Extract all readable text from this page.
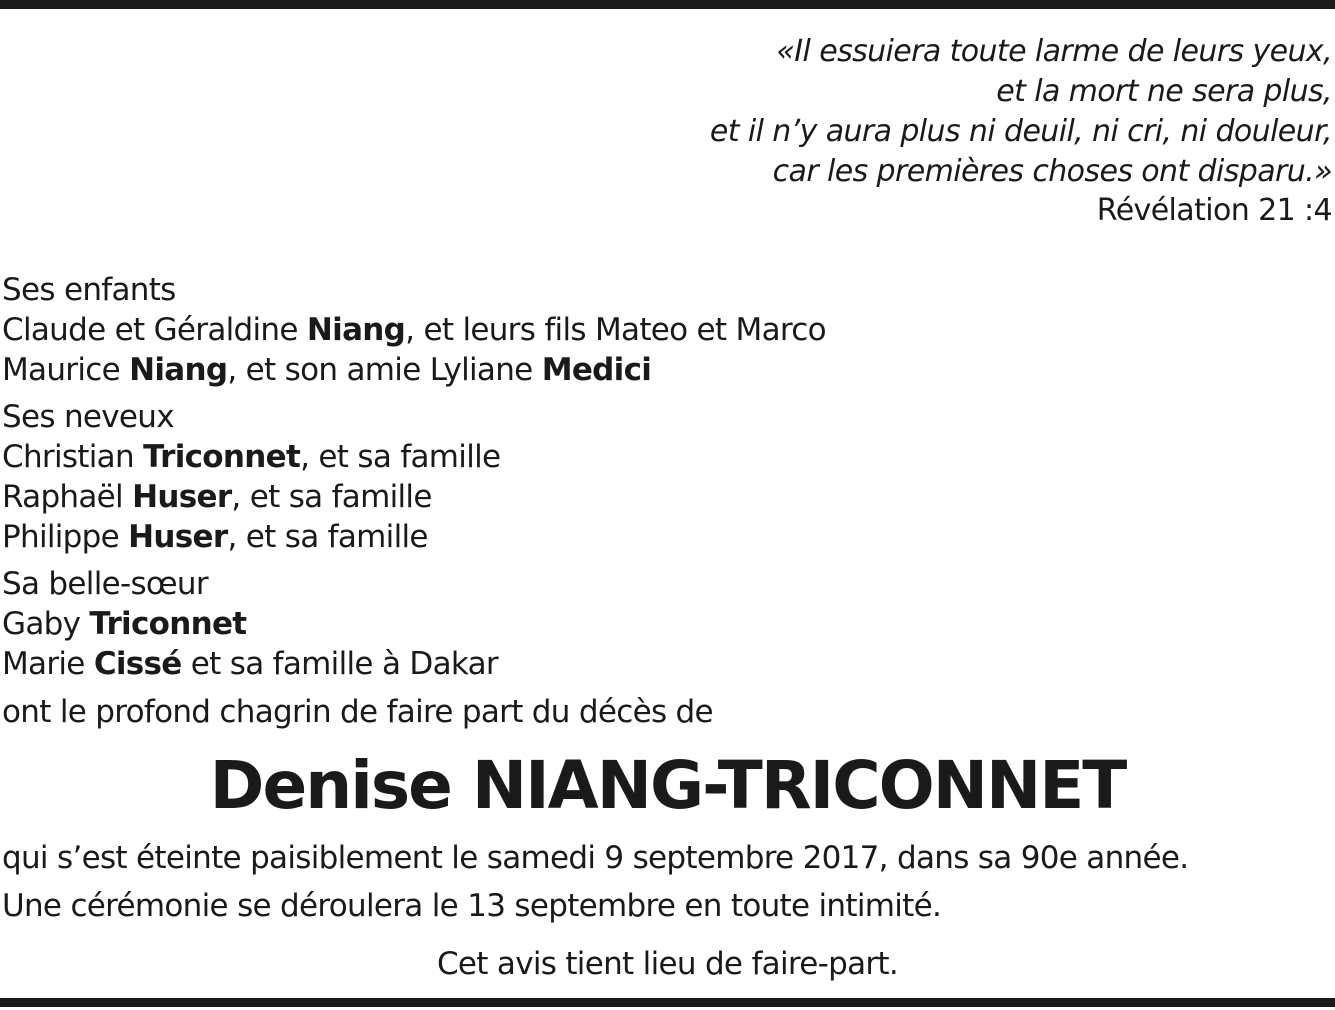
«Il essuiera toute larme de leurs yeux,
et la mort ne sera plus,
et il n’y aura plus ni deuil, ni cri, ni douleur,
car les premières choses ont disparu.»
Révélation 21 :4
Ses enfants
Claude et Géraldine Niang, et leurs fils Mateo et Marco
Maurice Niang, et son amie Lyliane Medici
Ses neveux
Christian Triconnet, et sa famille
Raphaël Huser, et sa famille
Philippe Huser, et sa famille
Sa belle-sœur
Gaby Triconnet
Marie Cissé et sa famille à Dakar
ont le profond chagrin de faire part du décès de
Denise NIANG-TRICONNET
qui s’est éteinte paisiblement le samedi 9 septembre 2017, dans sa 90e année.
Une cérémonie se déroulera le 13 septembre en toute intimité.
Cet avis tient lieu de faire-part.
